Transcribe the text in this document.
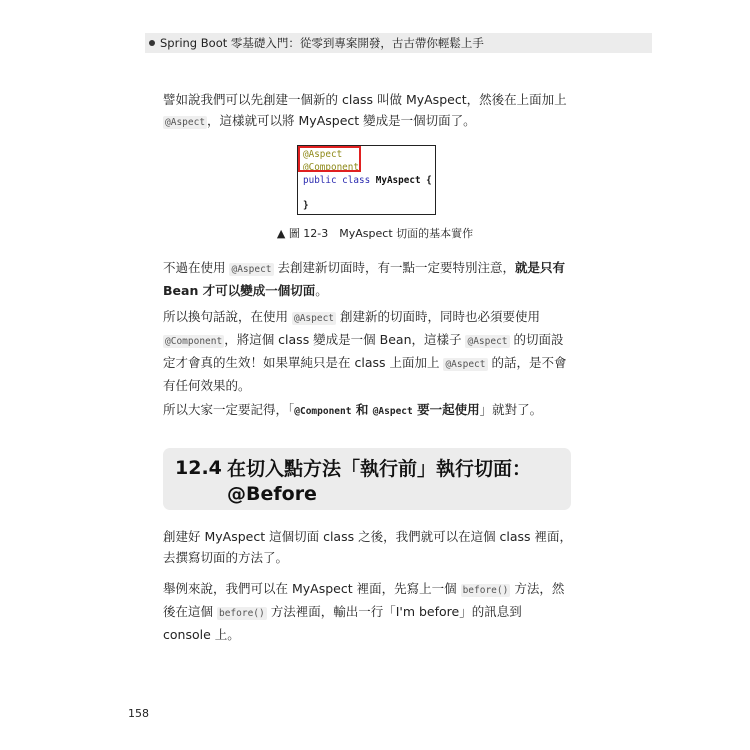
Spring Boot 零基礎入門：從零到專案開發，古古帶你輕鬆上手

譬如說我們可以先創建一個新的 class 叫做 MyAspect，然後在上面加上
@Aspect ，這樣就可以將 MyAspect 變成是一個切面了。

@Aspect
@Component
public class MyAspect {
}
▲ 圖 12-3　MyAspect 切面的基本實作

不過在使用 @Aspect 去創建新切面時，有一點一定要特別注意，就是只有 Bean 才可以變成一個切面。

所以換句話說，在使用 @Aspect 創建新的切面時，同時也必須要使用 @Component ，將這個 class 變成是一個 Bean，這樣子 @Aspect 的切面設定才會真的生效！如果單純只是在 class 上面加上 @Aspect 的話，是不會有任何效果的。

所以大家一定要記得，「@Component 和 @Aspect 要一起使用」就對了。

12.4 在切入點方法「執行前」執行切面：
@Before

創建好 MyAspect 這個切面 class 之後，我們就可以在這個 class 裡面，去撰寫切面的方法了。

舉例來說，我們可以在 MyAspect 裡面，先寫上一個 before() 方法，然後在這個 before() 方法裡面，輸出一行「I'm before」的訊息到 console 上。

158
